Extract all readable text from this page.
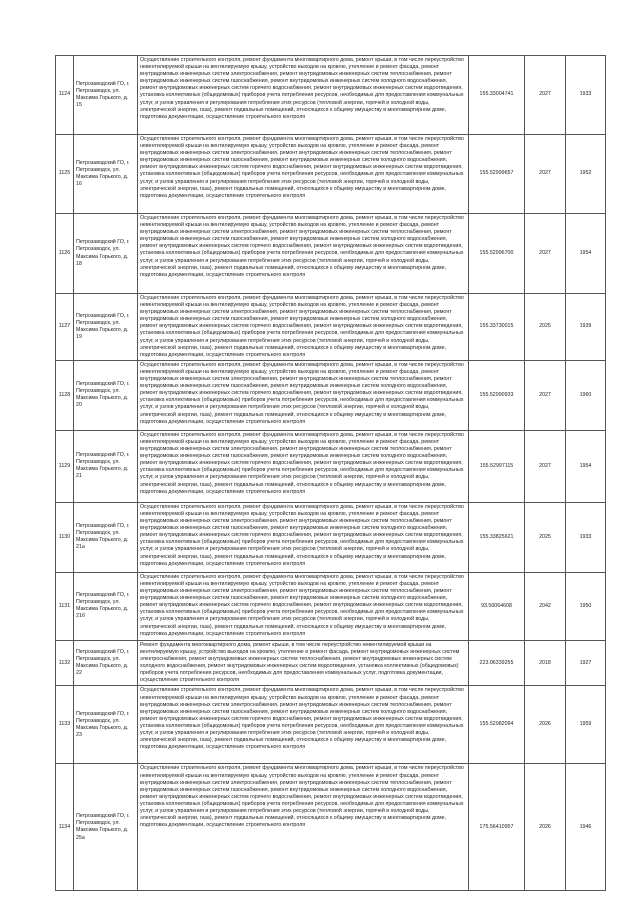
1124	Петрозаводский ГО, г. Петрозаводск, ул. Максима Горького, д. 15	Осуществление строительного контроля, ремонт фундамента многоквартирного дома, ремонт крыши, в том числе переустройство невентилируемой крыши на вентилируемую крышу, устройство выходов на кровлю, утепление и ремонт фасада, ремонт внутридомовых инженерных систем электроснабжения, ремонт внутридомовых инженерных систем теплоснабжения, ремонт внутридомовых инженерных систем газоснабжения, ремонт внутридомовых инженерных систем холодного водоснабжения, ремонт внутридомовых инженерных систем горячего водоснабжения, ремонт внутридомовых инженерных систем водоотведения, установка коллективных (общедомовых) приборов учета потребления ресурсов, необходимых для предоставления коммунальных услуг, и узлов управления и регулирования потребления этих ресурсов (тепловой энергии, горячей и холодной воды, электрической энергии, газа), ремонт подвальных помещений, относящихся к общему имуществу в многоквартирном доме, подготовка документации, осуществление строительного контроля	155.33004741	2027	1933
1125	Петрозаводский ГО, г. Петрозаводск, ул. Максима Горького, д. 16	Осуществление строительного контроля, ремонт фундамента многоквартирного дома, ремонт крыши, в том числе переустройство невентилируемой крыши на вентилируемую крышу, устройство выходов на кровлю, утепление и ремонт фасада, ремонт внутридомовых инженерных систем электроснабжения, ремонт внутридомовых инженерных систем теплоснабжения, ремонт внутридомовых инженерных систем газоснабжения, ремонт внутридомовых инженерных систем холодного водоснабжения, ремонт внутридомовых инженерных систем горячего водоснабжения, ремонт внутридомовых инженерных систем водоотведения, установка коллективных (общедомовых) приборов учета потребления ресурсов, необходимых для предоставления коммунальных услуг, и узлов управления и регулирования потребления этих ресурсов (тепловой энергии, горячей и холодной воды, электрической энергии, газа), ремонт подвальных помещений, относящихся к общему имуществу в многоквартирном доме, подготовка документации, осуществление строительного контроля	155.52999657	2027	1952
1126	Петрозаводский ГО, г. Петрозаводск, ул. Максима Горького, д. 18	Осуществление строительного контроля, ремонт фундамента многоквартирного дома, ремонт крыши, в том числе переустройство невентилируемой крыши на вентилируемую крышу, устройство выходов на кровлю, утепление и ремонт фасада, ремонт внутридомовых инженерных систем электроснабжения, ремонт внутридомовых инженерных систем теплоснабжения, ремонт внутридомовых инженерных систем газоснабжения, ремонт внутридомовых инженерных систем холодного водоснабжения, ремонт внутридомовых инженерных систем горячего водоснабжения, ремонт внутридомовых инженерных систем водоотведения, установка коллективных (общедомовых) приборов учета потребления ресурсов, необходимых для предоставления коммунальных услуг, и узлов управления и регулирования потребления этих ресурсов (тепловой энергии, горячей и холодной воды, электрической энергии, газа), ремонт подвальных помещений, относящихся к общему имуществу в многоквартирном доме, подготовка документации, осуществление строительного контроля	155.52996700	2027	1954
1127	Петрозаводский ГО, г. Петрозаводск, ул. Максима Горького, д. 19	Осуществление строительного контроля, ремонт фундамента многоквартирного дома, ремонт крыши, в том числе переустройство невентилируемой крыши на вентилируемую крышу, устройство выходов на кровлю, утепление и ремонт фасада, ремонт внутридомовых инженерных систем электроснабжения, ремонт внутридомовых инженерных систем теплоснабжения, ремонт внутридомовых инженерных систем газоснабжения, ремонт внутридомовых инженерных систем холодного водоснабжения, ремонт внутридомовых инженерных систем горячего водоснабжения, ремонт внутридомовых инженерных систем водоотведения, установка коллективных (общедомовых) приборов учета потребления ресурсов, необходимых для предоставления коммунальных услуг, и узлов управления и регулирования потребления этих ресурсов (тепловой энергии, горячей и холодной воды, электрической энергии, газа), ремонт подвальных помещений, относящихся к общему имуществу в многоквартирном доме, подготовка документации, осуществление строительного контроля	155.33730015	2025	1939
1128	Петрозаводский ГО, г. Петрозаводск, ул. Максима Горького, д. 20	Осуществление строительного контроля, ремонт фундамента многоквартирного дома, ремонт крыши, в том числе переустройство невентилируемой крыши на вентилируемую крышу, устройство выходов на кровлю, утепление и ремонт фасада, ремонт внутридомовых инженерных систем электроснабжения, ремонт внутридомовых инженерных систем теплоснабжения, ремонт внутридомовых инженерных систем газоснабжения, ремонт внутридомовых инженерных систем холодного водоснабжения, ремонт внутридомовых инженерных систем горячего водоснабжения, ремонт внутридомовых инженерных систем водоотведения, установка коллективных (общедомовых) приборов учета потребления ресурсов, необходимых для предоставления коммунальных услуг, и узлов управления и регулирования потребления этих ресурсов (тепловой энергии, горячей и холодной воды, электрической энергии, газа), ремонт подвальных помещений, относящихся к общему имуществу в многоквартирном доме, подготовка документации, осуществление строительного контроля	155.52990933	2027	1960
1129	Петрозаводский ГО, г. Петрозаводск, ул. Максима Горького, д. 21	Осуществление строительного контроля, ремонт фундамента многоквартирного дома, ремонт крыши, в том числе переустройство невентилируемой крыши на вентилируемую крышу, устройство выходов на кровлю, утепление и ремонт фасада, ремонт внутридомовых инженерных систем электроснабжения, ремонт внутридомовых инженерных систем теплоснабжения, ремонт внутридомовых инженерных систем газоснабжения, ремонт внутридомовых инженерных систем холодного водоснабжения, ремонт внутридомовых инженерных систем горячего водоснабжения, ремонт внутридомовых инженерных систем водоотведения, установка коллективных (общедомовых) приборов учета потребления ресурсов, необходимых для предоставления коммунальных услуг, и узлов управления и регулирования потребления этих ресурсов (тепловой энергии, горячей и холодной воды, электрической энергии, газа), ремонт подвальных помещений, относящихся к общему имуществу в многоквартирном доме, подготовка документации, осуществление строительного контроля	155.52997115	2027	1954
1130	Петрозаводский ГО, г. Петрозаводск, ул. Максима Горького, д. 21а	Осуществление строительного контроля, ремонт фундамента многоквартирного дома, ремонт крыши, в том числе переустройство невентилируемой крыши на вентилируемую крышу, устройство выходов на кровлю, утепление и ремонт фасада, ремонт внутридомовых инженерных систем электроснабжения, ремонт внутридомовых инженерных систем теплоснабжения, ремонт внутридомовых инженерных систем газоснабжения, ремонт внутридомовых инженерных систем холодного водоснабжения, ремонт внутридомовых инженерных систем горячего водоснабжения, ремонт внутридомовых инженерных систем водоотведения, установка коллективных (общедомовых) приборов учета потребления ресурсов, необходимых для предоставления коммунальных услуг, и узлов управления и регулирования потребления этих ресурсов (тепловой энергии, горячей и холодной воды, электрической энергии, газа), ремонт подвальных помещений, относящихся к общему имуществу в многоквартирном доме, подготовка документации, осуществление строительного контроля	155.33825621	2025	1933
1131	Петрозаводский ГО, г. Петрозаводск, ул. Максима Горького, д. 21б	Осуществление строительного контроля, ремонт фундамента многоквартирного дома, ремонт крыши, в том числе переустройство невентилируемой крыши на вентилируемую крышу, устройство выходов на кровлю, утепление и ремонт фасада, ремонт внутридомовых инженерных систем электроснабжения, ремонт внутридомовых инженерных систем теплоснабжения, ремонт внутридомовых инженерных систем газоснабжения, ремонт внутридомовых инженерных систем холодного водоснабжения, ремонт внутридомовых инженерных систем горячего водоснабжения, ремонт внутридомовых инженерных систем водоотведения, установка коллективных (общедомовых) приборов учета потребления ресурсов, необходимых для предоставления коммунальных услуг, и узлов управления и регулирования потребления этих ресурсов (тепловой энергии, горячей и холодной воды, электрической энергии, газа), ремонт подвальных помещений, относящихся к общему имуществу в многоквартирном доме, подготовка документации, осуществление строительного контроля	93.50064608	2042	1950
1132	Петрозаводский ГО, г. Петрозаводск, ул. Максима Горького, д. 22	Ремонт фундамента многоквартирного дома, ремонт крыши, в том числе переустройство невентилируемой крыши на вентилируемую крышу, устройство выходов на кровлю, утепление и ремонт фасада, ремонт внутридомовых инженерных систем электроснабжения, ремонт внутридомовых инженерных систем теплоснабжения, ремонт внутридомовых инженерных систем холодного водоснабжения, ремонт внутридомовых инженерных систем водоотведения, установка коллективных (общедомовых) приборов учета потребления ресурсов, необходимых для предоставления коммунальных услуг, подготовка документации, осуществление строительного контроля	223.06339255	2018	1927
1133	Петрозаводский ГО, г. Петрозаводск, ул. Максима Горького, д. 23	Осуществление строительного контроля, ремонт фундамента многоквартирного дома, ремонт крыши, в том числе переустройство невентилируемой крыши на вентилируемую крышу, устройство выходов на кровлю, утепление и ремонт фасада, ремонт внутридомовых инженерных систем электроснабжения, ремонт внутридомовых инженерных систем теплоснабжения, ремонт внутридомовых инженерных систем газоснабжения, ремонт внутридомовых инженерных систем холодного водоснабжения, ремонт внутридомовых инженерных систем горячего водоснабжения, ремонт внутридомовых инженерных систем водоотведения, установка коллективных (общедомовых) приборов учета потребления ресурсов, необходимых для предоставления коммунальных услуг, и узлов управления и регулирования потребления этих ресурсов (тепловой энергии, горячей и холодной воды, электрической энергии, газа), ремонт подвальных помещений, относящихся к общему имуществу в многоквартирном доме, подготовка документации, осуществление строительного контроля	155.52982094	2026	1959
1134	Петрозаводский ГО, г. Петрозаводск, ул. Максима Горького, д. 25а	Осуществление строительного контроля, ремонт фундамента многоквартирного дома, ремонт крыши, в том числе переустройство невентилируемой крыши на вентилируемую крышу, устройство выходов на кровлю, утепление и ремонт фасада, ремонт внутридомовых инженерных систем электроснабжения, ремонт внутридомовых инженерных систем теплоснабжения, ремонт внутридомовых инженерных систем газоснабжения, ремонт внутридомовых инженерных систем холодного водоснабжения, ремонт внутридомовых инженерных систем горячего водоснабжения, ремонт внутридомовых инженерных систем водоотведения, установка коллективных (общедомовых) приборов учета потребления ресурсов, необходимых для предоставления коммунальных услуг, и узлов управления и регулирования потребления этих ресурсов (тепловой энергии, горячей и холодной воды, электрической энергии, газа), ремонт подвальных помещений, относящихся к общему имуществу в многоквартирном доме, подготовка документации, осуществление строительного контроля	175.56410957	2026	1946
